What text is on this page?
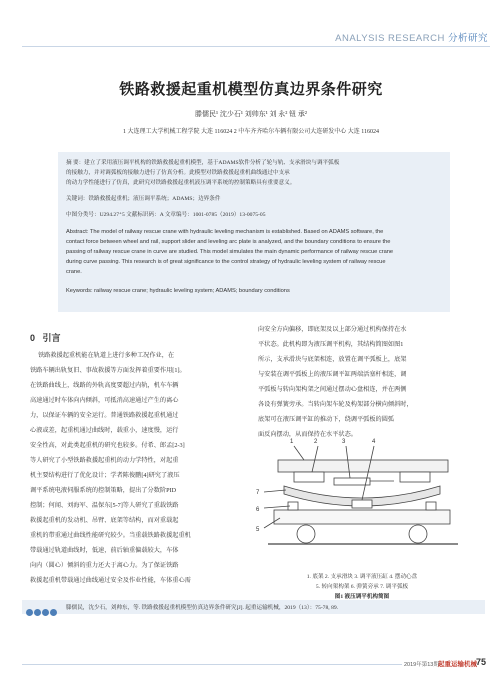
ANALYSIS RESEARCH 分析研究
铁路救援起重机模型仿真边界条件研究
滕儒民¹ 沈少石¹ 刘帅东¹ 刘 永² 钮 承²
1 大连理工大学机械工程学院 大连 116024 2 中车齐齐哈尔车辆有限公司大连研发中心 大连 116024
摘 要：建立了采用液压调平机构的铁路救援起重机模型，基于ADAMS软件分析了轮与轨、支承滑块与调平弧板
的接触力，并对调弧板的接触力进行了仿真分析。此模型对铁路救援起重机曲线通过中支承
的动力学性能进行了仿真，此研究对铁路救援起重机液压调平系统的控制策略具有重要意义。
关键词：铁路救援起重机；液压调平系统；ADAMS；边界条件
中图分类号：U294.27⁺5 文献标识码：A 文章编号：1001-0785（2019）13-0075-05
Abstract: The model of railway rescue crane with hydraulic leveling mechanism is established. Based on ADAMS software, the
contact force between wheel and rail, support slider and leveling arc plate is analyzed, and the boundary conditions to ensure the
passing of railway rescue crane in curve are studied. This model simulates the main dynamic performance of railway rescue crane
during curve passing. This research is of great significance to the control strategy of hydraulic leveling system of railway rescue
crane.
Keywords: railway rescue crane; hydraulic leveling system; ADAMS; boundary conditions
0 引言
铁路救援起重机能在轨道上进行多种工况作业，在
铁路车辆出轨复旧、事故救援等方面发挥着重要作用[1]。
在铁路曲线上，线路的外轨高度要超过内轨，机车车辆
高速通过时车体向内倾斜，可抵消高速通过产生的离心
力，以保证车辆的安全运行。普通铁路救援起重机通过
心液或差，起重机通过曲线时，载重小，速度慢，运行
安全性高，对此类起重机的研究也较多。付希、郎孟[2-3]
等人研究了小型铁路救援起重机的动力学特性，对起重
机主要结构进行了优化设计；学者陈俊鹏[4]研究了液压
调平系统电液伺服系统的控制策略，提出了分数阶PID
控制；何闻、刘海军、温保东[5-7]等人研究了重载铁路
救援起重机的发动机、吊臂、底架等结构，而对重载起
重机的带重通过曲线性能研究较少。当重载铁路救援起重机
带载通过轨道曲线时，低速，前后轴重偏载较大，车体
向内（圆心）倾斜的重力还大于离心力。为了保证铁路
救援起重机带载通过曲线通过安全及作业性能，车体重心需
向安全方向偏移，即底架及以上部分通过机构保持在水
平状态。此机构即为液压调平机构，其结构简图如图1
所示，支承滑块与底架相连，放置在调平弧板上，底架
与安装在调平弧板上的液压调平缸两端活塞杆相连，调
平弧板与转向架构架之间通过摆动心盘相连，并在两侧
各设有弹簧旁承。当转向架车轮及构架部分横向倾斜时，
底架可在液压调平缸的推动下，绕调平弧板的圆弧
面反向摆动，从而保持在水平状态。
1	2	3	4
5
6
7
1. 底架 2. 支承滑块 3. 调平液压缸 4. 摆动心盘
5. 转向架构架 6. 弹簧旁承 7. 调平弧板
图1 液压调平机构简图
滕儒民，沈少石，刘帅东，等. 铁路救援起重机模型仿真边界条件研究[J]. 起重运输机械，2019（13）：75-78, 89.
2019年第13期 起重运输机械 75
